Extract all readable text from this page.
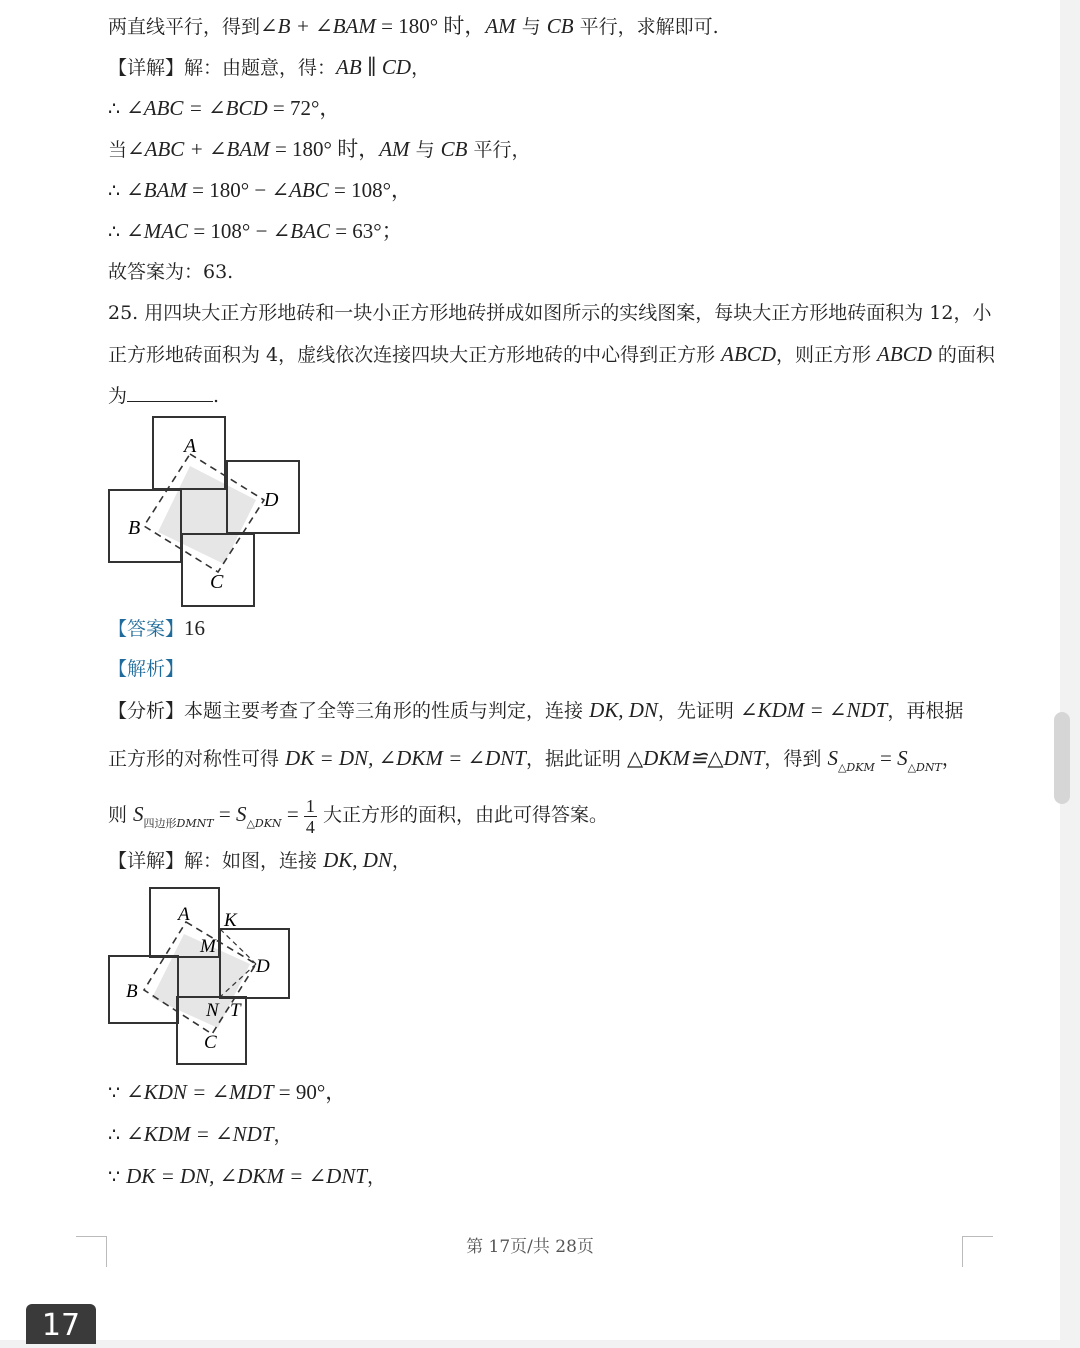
两直线平行，得到∠B + ∠BAM = 180° 时，AM 与 CB 平行，求解即可.
【详解】解：由题意，得：AB ∥ CD，
∴ ∠ABC = ∠BCD = 72°，
当∠ABC + ∠BAM = 180° 时，AM 与 CB 平行，
∴ ∠BAM = 180° − ∠ABC = 108°，
∴ ∠MAC = 108° − ∠BAC = 63°；
故答案为：63.
25. 用四块大正方形地砖和一块小正方形地砖拼成如图所示的实线图案，每块大正方形地砖面积为 12，小
正方形地砖面积为 4，虚线依次连接四块大正方形地砖的中心得到正方形 ABCD，则正方形 ABCD 的面积
为	.
A
B
C
D
【答案】16
【解析】
【分析】本题主要考查了全等三角形的性质与判定，连接 DK, DN，先证明 ∠KDM = ∠NDT，再根据
正方形的对称性可得 DK = DN, ∠DKM = ∠DNT，据此证明 △DKM≌△DNT，得到 $S_{\triangle DKM} = S_{\triangle DNT}$，
则 $S_{四边形DMNT} = S_{\triangle DKN} = \frac{1}{4}$ 大正方形的面积，由此可得答案。
【详解】解：如图，连接 DK, DN，
A K
M
D
B
N T
C
∵ ∠KDN = ∠MDT = 90°，
∴ ∠KDM = ∠NDT，
∵ DK = DN, ∠DKM = ∠DNT，
第 17页/共 28页
17
